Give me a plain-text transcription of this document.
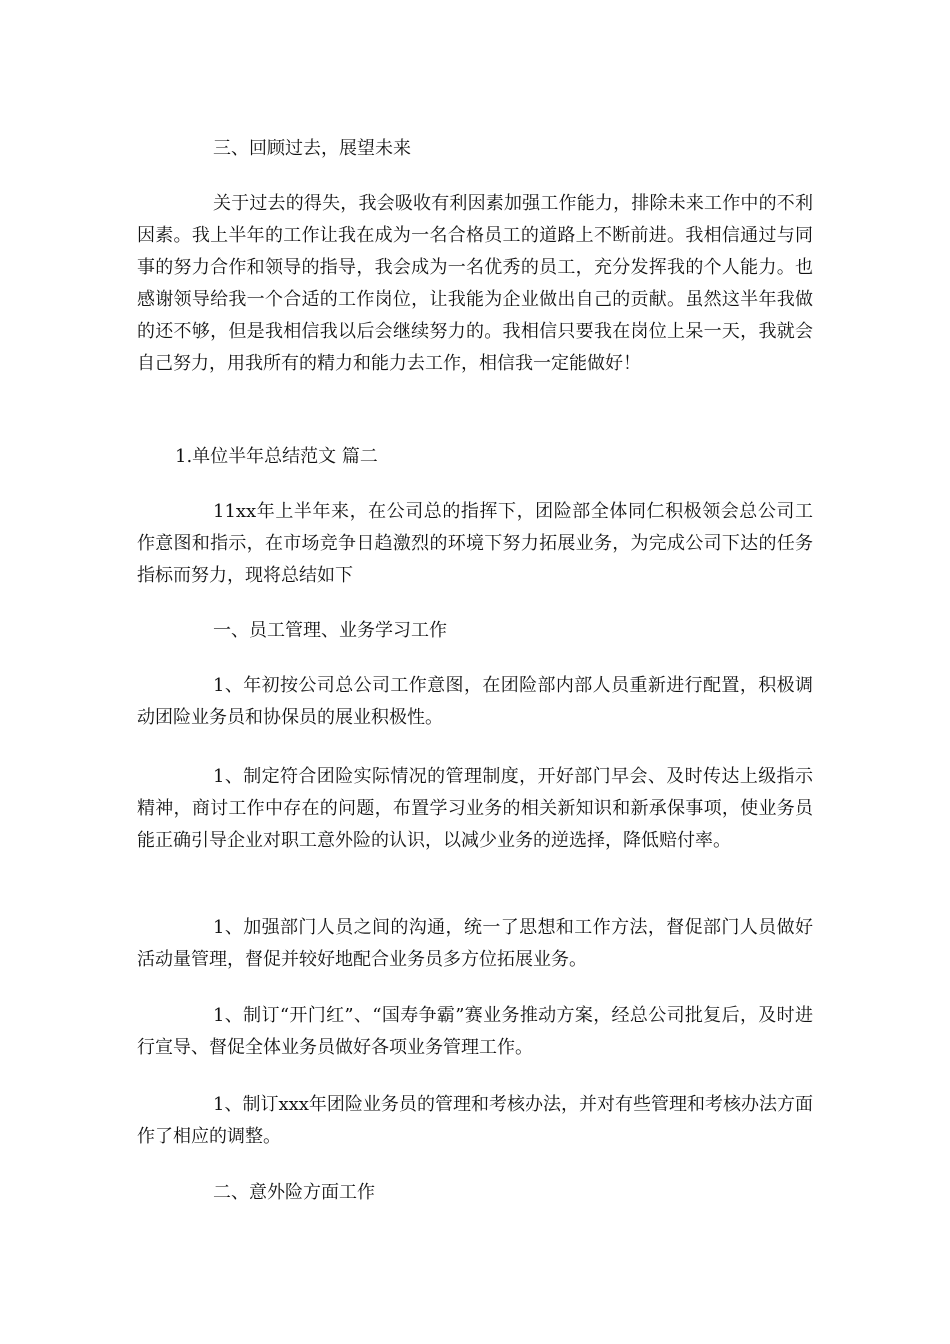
三、回顾过去，展望未来

关于过去的得失，我会吸收有利因素加强工作能力，排除未来工作中的不利因素。我上半年的工作让我在成为一名合格员工的道路上不断前进。我相信通过与同事的努力合作和领导的指导，我会成为一名优秀的员工，充分发挥我的个人能力。也感谢领导给我一个合适的工作岗位，让我能为企业做出自己的贡献。虽然这半年我做的还不够，但是我相信我以后会继续努力的。我相信只要我在岗位上呆一天，我就会自己努力，用我所有的精力和能力去工作，相信我一定能做好！

1.单位半年总结范文 篇二

11xx年上半年来，在公司总的指挥下，团险部全体同仁积极领会总公司工作意图和指示，在市场竞争日趋激烈的环境下努力拓展业务，为完成公司下达的任务指标而努力，现将总结如下

一、员工管理、业务学习工作

1、年初按公司总公司工作意图，在团险部内部人员重新进行配置，积极调动团险业务员和协保员的展业积极性。

1、制定符合团险实际情况的管理制度，开好部门早会、及时传达上级指示精神，商讨工作中存在的问题，布置学习业务的相关新知识和新承保事项，使业务员能正确引导企业对职工意外险的认识，以减少业务的逆选择，降低赔付率。

1、加强部门人员之间的沟通，统一了思想和工作方法，督促部门人员做好活动量管理，督促并较好地配合业务员多方位拓展业务。

1、制订“开门红”、“国寿争霸”赛业务推动方案，经总公司批复后，及时进行宣导、督促全体业务员做好各项业务管理工作。

1、制订xxx年团险业务员的管理和考核办法，并对有些管理和考核办法方面作了相应的调整。

二、意外险方面工作
